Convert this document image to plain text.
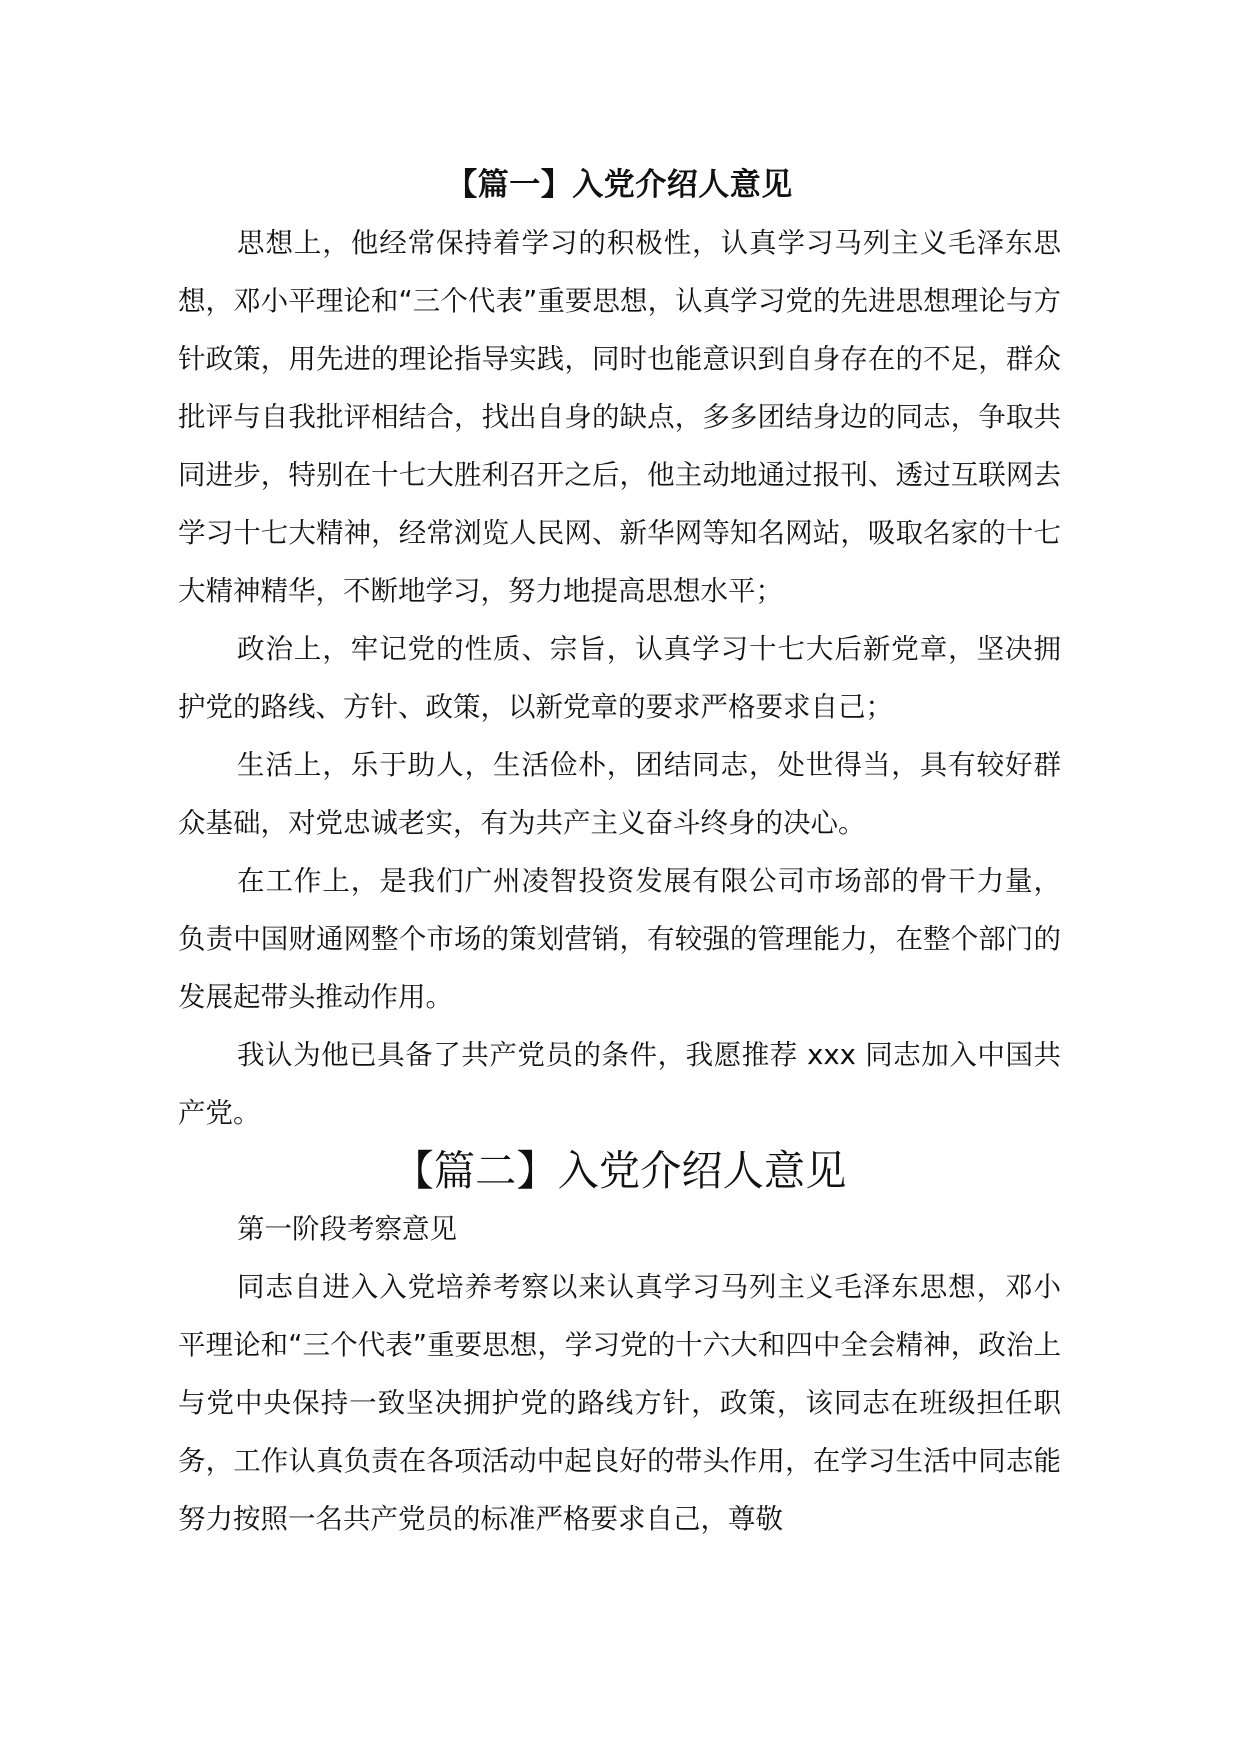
【篇一】入党介绍人意见

思想上，他经常保持着学习的积极性，认真学习马列主义毛泽东思想，邓小平理论和“三个代表”重要思想，认真学习党的先进思想理论与方针政策，用先进的理论指导实践，同时也能意识到自身存在的不足，群众批评与自我批评相结合，找出自身的缺点，多多团结身边的同志，争取共同进步，特别在十七大胜利召开之后，他主动地通过报刊、透过互联网去学习十七大精神，经常浏览人民网、新华网等知名网站，吸取名家的十七大精神精华，不断地学习，努力地提高思想水平；

政治上，牢记党的性质、宗旨，认真学习十七大后新党章，坚决拥护党的路线、方针、政策，以新党章的要求严格要求自己；

生活上，乐于助人，生活俭朴，团结同志，处世得当，具有较好群众基础，对党忠诚老实，有为共产主义奋斗终身的决心。

在工作上，是我们广州凌智投资发展有限公司市场部的骨干力量，负责中国财通网整个市场的策划营销，有较强的管理能力，在整个部门的发展起带头推动作用。

我认为他已具备了共产党员的条件，我愿推荐 xxx 同志加入中国共产党。

【篇二】入党介绍人意见

第一阶段考察意见

同志自进入入党培养考察以来认真学习马列主义毛泽东思想，邓小平理论和“三个代表”重要思想，学习党的十六大和四中全会精神，政治上与党中央保持一致坚决拥护党的路线方针，政策，该同志在班级担任职务，工作认真负责在各项活动中起良好的带头作用，在学习生活中同志能努力按照一名共产党员的标准严格要求自己，尊敬
